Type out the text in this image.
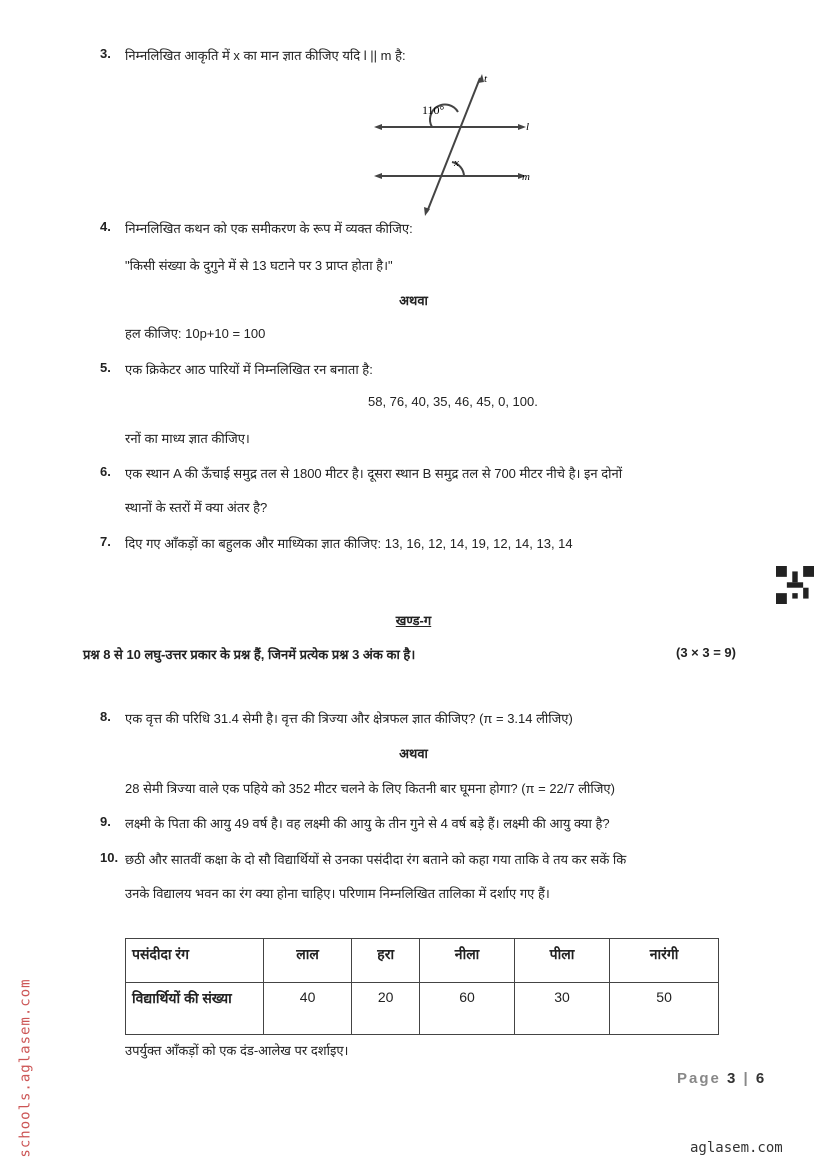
3. निम्नलिखित आकृति में x का मान ज्ञात कीजिए यदि l || m है:
110°
x
t
l
m
4. निम्नलिखित कथन को एक समीकरण के रूप में व्यक्त कीजिए:
"किसी संख्या के दुगुने में से 13 घटाने पर 3 प्राप्त होता है।"
अथवा
हल कीजिए: 10p+10 = 100
5. एक क्रिकेटर आठ पारियों में निम्नलिखित रन बनाता है:
58, 76, 40, 35, 46, 45, 0, 100.
रनों का माध्य ज्ञात कीजिए।
6. एक स्थान A की ऊँचाई समुद्र तल से 1800 मीटर है। दूसरा स्थान B समुद्र तल से 700 मीटर नीचे है। इन दोनों
स्थानों के स्तरों में क्या अंतर है?
7. दिए गए आँकड़ों का बहुलक और माध्यिका ज्ञात कीजिए: 13, 16, 12, 14, 19, 12, 14, 13, 14
खण्ड-ग
प्रश्न 8 से 10 लघु-उत्तर प्रकार के प्रश्न हैं, जिनमें प्रत्येक प्रश्न 3 अंक का है।	(3 × 3 = 9)
8. एक वृत्त की परिधि 31.4 सेमी है। वृत्त की त्रिज्या और क्षेत्रफल ज्ञात कीजिए? (π = 3.14 लीजिए)
अथवा
28 सेमी त्रिज्या वाले एक पहिये को 352 मीटर चलने के लिए कितनी बार घूमना होगा? (π = 22/7 लीजिए)
9. लक्ष्मी के पिता की आयु 49 वर्ष है। वह लक्ष्मी की आयु के तीन गुने से 4 वर्ष बड़े हैं। लक्ष्मी की आयु क्या है?
10. छठी और सातवीं कक्षा के दो सौ विद्यार्थियों से उनका पसंदीदा रंग बताने को कहा गया ताकि वे तय कर सकें कि
उनके विद्यालय भवन का रंग क्या होना चाहिए। परिणाम निम्नलिखित तालिका में दर्शाए गए हैं।
पसंदीदा रंग	लाल	हरा	नीला	पीला	नारंगी
विद्यार्थियों की संख्या	40	20	60	30	50
उपर्युक्त आँकड़ों को एक दंड-आलेख पर दर्शाइए।
Page 3 | 6
schools.aglasem.com	aglasem.com
